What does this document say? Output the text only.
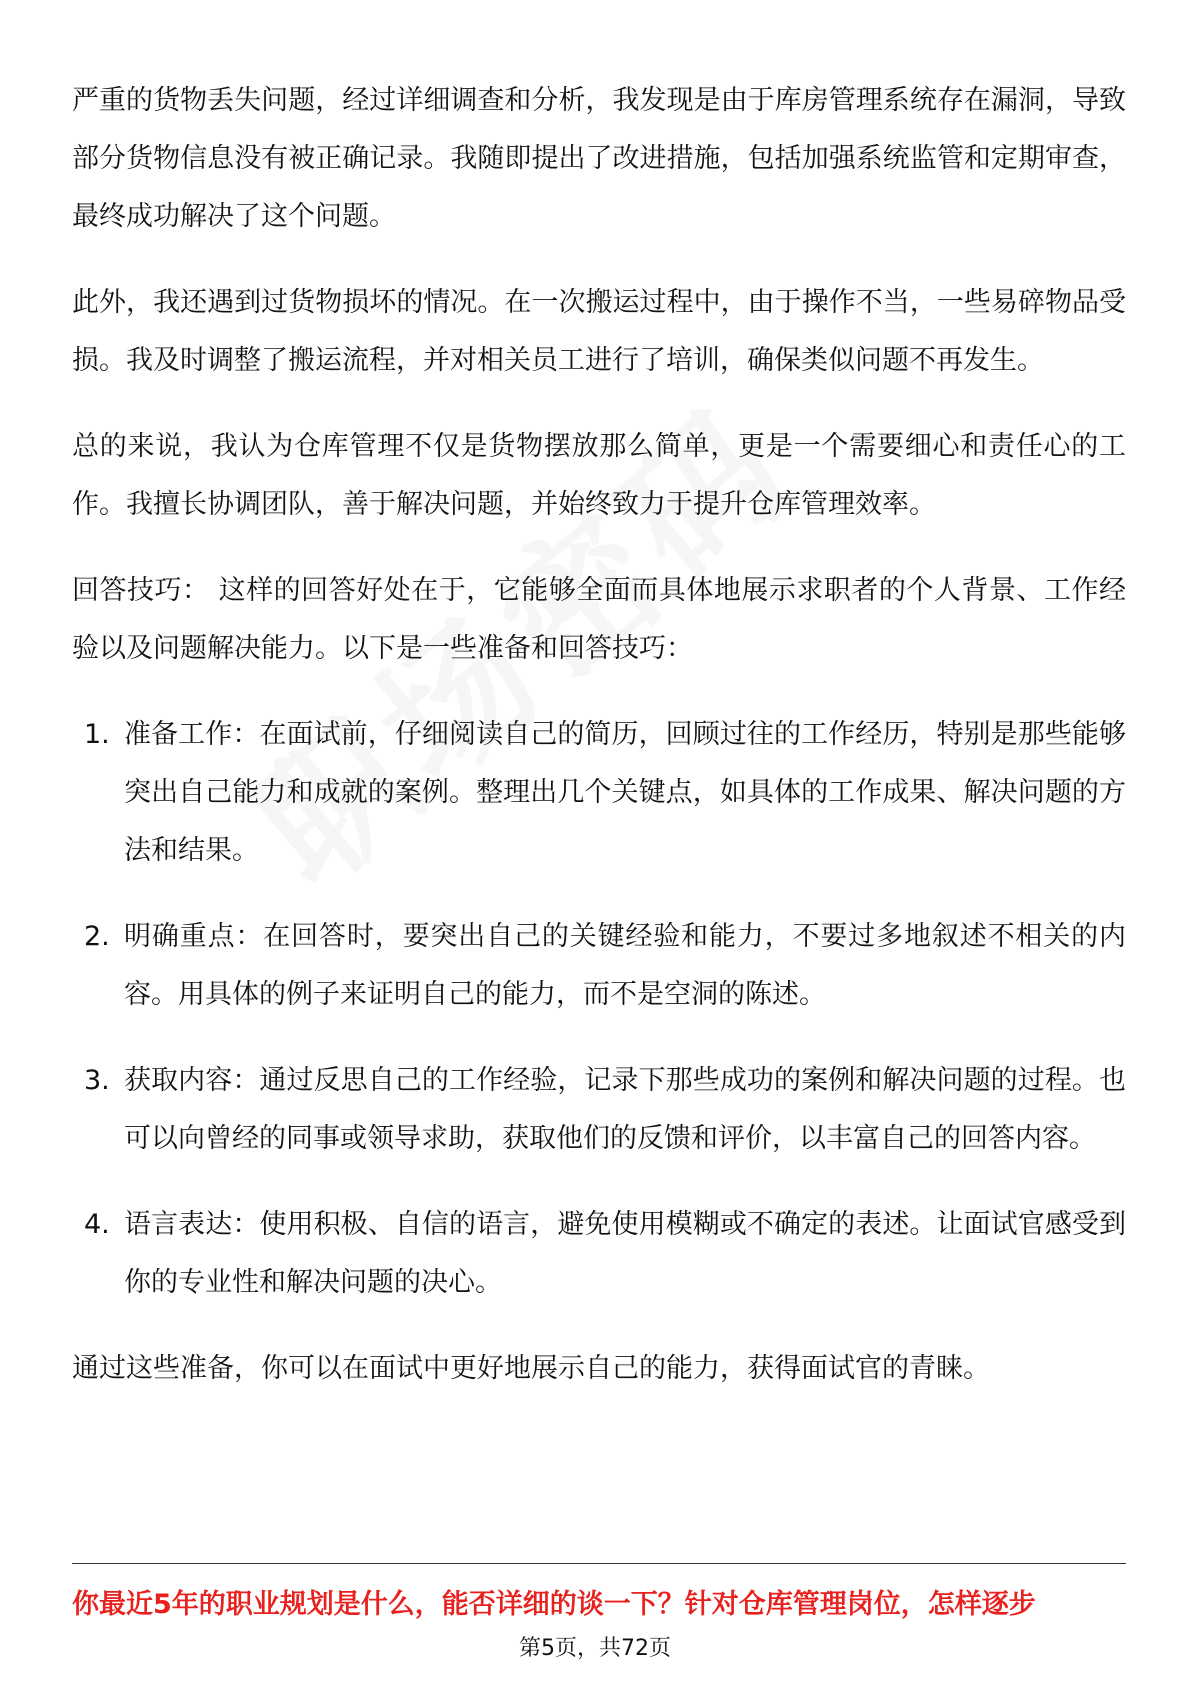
严重的货物丢失问题，经过详细调查和分析，我发现是由于库房管理系统存在漏洞，导致部分货物信息没有被正确记录。我随即提出了改进措施，包括加强系统监管和定期审查，最终成功解决了这个问题。

此外，我还遇到过货物损坏的情况。在一次搬运过程中，由于操作不当，一些易碎物品受损。我及时调整了搬运流程，并对相关员工进行了培训，确保类似问题不再发生。

总的来说，我认为仓库管理不仅是货物摆放那么简单，更是一个需要细心和责任心的工作。我擅长协调团队，善于解决问题，并始终致力于提升仓库管理效率。

回答技巧： 这样的回答好处在于，它能够全面而具体地展示求职者的个人背景、工作经验以及问题解决能力。以下是一些准备和回答技巧：

1. 准备工作：在面试前，仔细阅读自己的简历，回顾过往的工作经历，特别是那些能够突出自己能力和成就的案例。整理出几个关键点，如具体的工作成果、解决问题的方法和结果。
2. 明确重点：在回答时，要突出自己的关键经验和能力，不要过多地叙述不相关的内容。用具体的例子来证明自己的能力，而不是空洞的陈述。
3. 获取内容：通过反思自己的工作经验，记录下那些成功的案例和解决问题的过程。也可以向曾经的同事或领导求助，获取他们的反馈和评价，以丰富自己的回答内容。
4. 语言表达：使用积极、自信的语言，避免使用模糊或不确定的表述。让面试官感受到你的专业性和解决问题的决心。

通过这些准备，你可以在面试中更好地展示自己的能力，获得面试官的青睐。

你最近5年的职业规划是什么，能否详细的谈一下？针对仓库管理岗位，怎样逐步
第5页，共72页
